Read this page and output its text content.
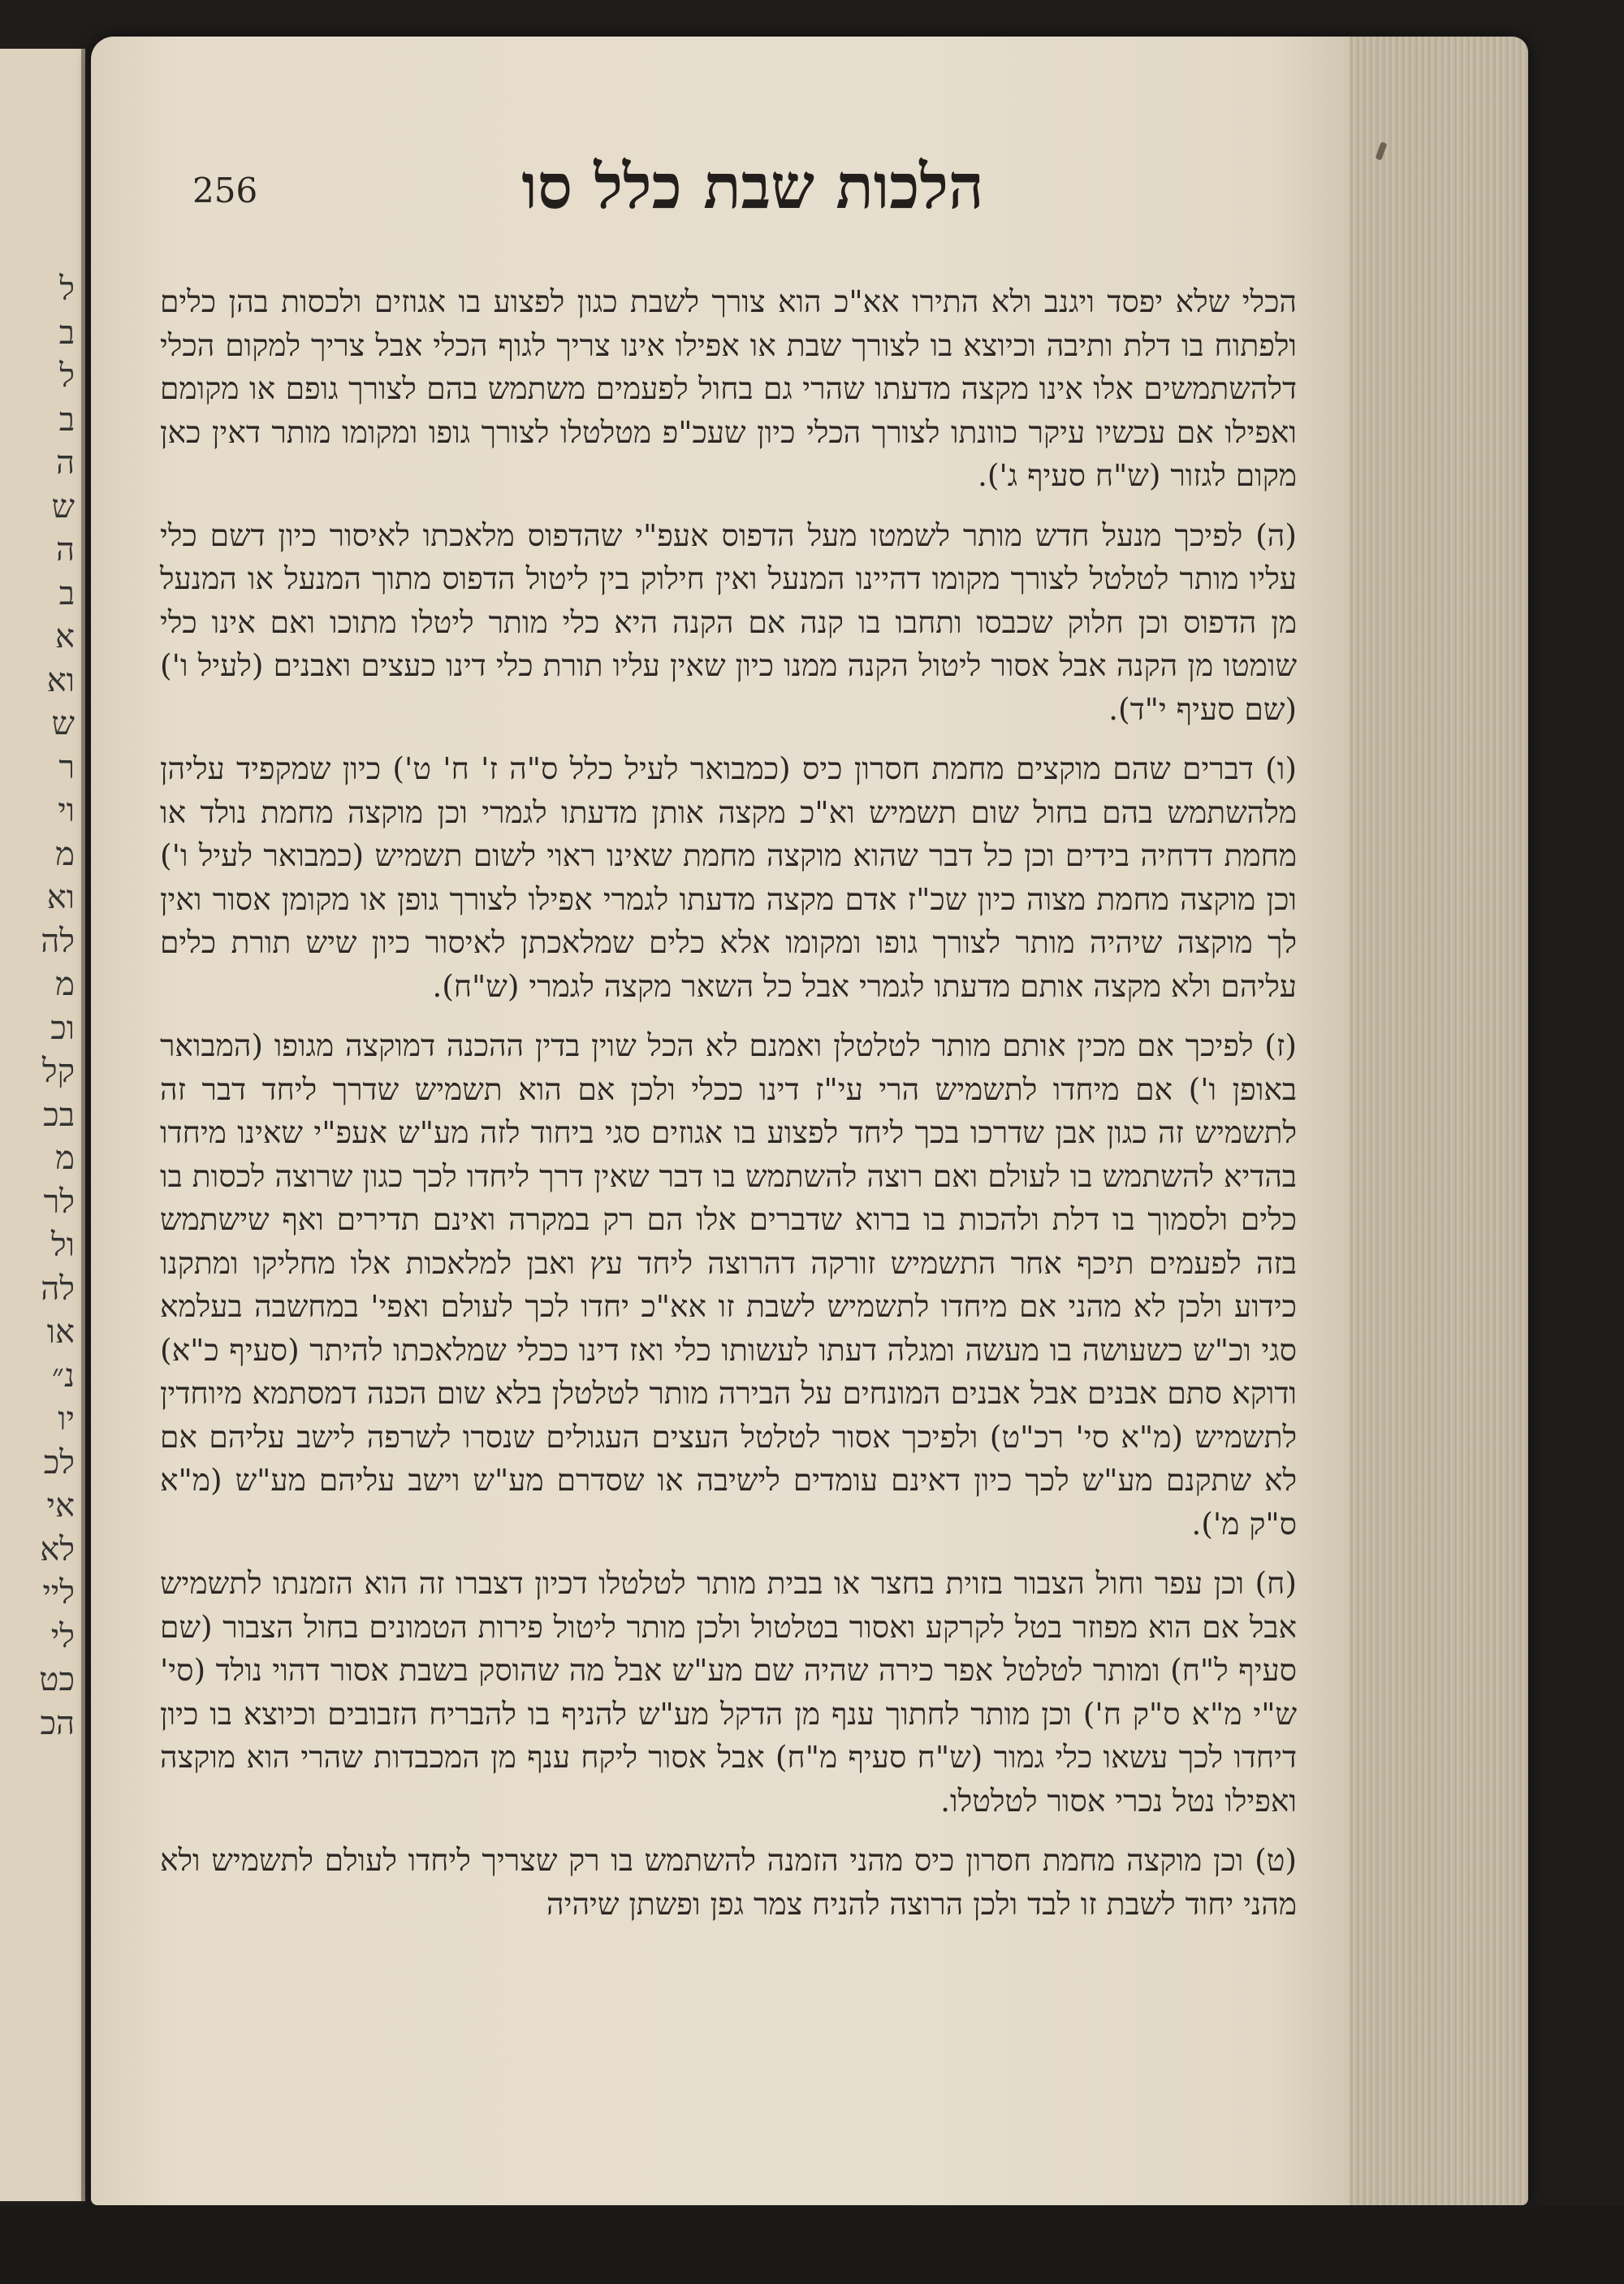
ל
ב
ל
ב
ה
ש
ה
ב
א
וא
ש
ר
וי
מ
וא
לה
מ
וכ
קל
בכ
מ
לר
ול
לה
או
נ״
יו
לכ
אי
לא
ליי
לי
כט
הכ
256	הלכות שבת כלל סו

הכלי שלא יפסד ויגנב ולא התירו אא"כ הוא צורך לשבת כגון לפצוע בו אגוזים ולכסות בהן כלים ולפתוח בו דלת ותיבה וכיוצא בו לצורך שבת או אפילו אינו צריך לגוף הכלי אבל צריך למקום הכלי דלהשתמשים אלו אינו מקצה מדעתו שהרי גם בחול לפעמים משתמש בהם לצורך גופם או מקומם ואפילו אם עכשיו עיקר כוונתו לצורך הכלי כיון שעכ"פ מטלטלו לצורך גופו ומקומו מותר דאין כאן מקום לגזור (ש"ח סעיף ג').

(ה) לפיכך מנעל חדש מותר לשמטו מעל הדפוס אעפ"י שהדפוס מלאכתו לאיסור כיון דשם כלי עליו מותר לטלטל לצורך מקומו דהיינו המנעל ואין חילוק בין ליטול הדפוס מתוך המנעל או המנעל מן הדפוס וכן חלוק שכבסו ותחבו בו קנה אם הקנה היא כלי מותר ליטלו מתוכו ואם אינו כלי שומטו מן הקנה אבל אסור ליטול הקנה ממנו כיון שאין עליו תורת כלי דינו כעצים ואבנים (לעיל ו') (שם סעיף י"ד).

(ו) דברים שהם מוקצים מחמת חסרון כיס (כמבואר לעיל כלל ס"ה ז' ח' ט') כיון שמקפיד עליהן מלהשתמש בהם בחול שום תשמיש וא"כ מקצה אותן מדעתו לגמרי וכן מוקצה מחמת נולד או מחמת דדחיה בידים וכן כל דבר שהוא מוקצה מחמת שאינו ראוי לשום תשמיש (כמבואר לעיל ו') וכן מוקצה מחמת מצוה כיון שכ"ז אדם מקצה מדעתו לגמרי אפילו לצורך גופן או מקומן אסור ואין לך מוקצה שיהיה מותר לצורך גופו ומקומו אלא כלים שמלאכתן לאיסור כיון שיש תורת כלים עליהם ולא מקצה אותם מדעתו לגמרי אבל כל השאר מקצה לגמרי (ש"ח).

(ז) לפיכך אם מכין אותם מותר לטלטלן ואמנם לא הכל שוין בדין ההכנה דמוקצה מגופו (המבואר באופן ו') אם מיחדו לתשמיש הרי עי"ז דינו ככלי ולכן אם הוא תשמיש שדרך ליחד דבר זה לתשמיש זה כגון אבן שדרכו בכך ליחד לפצוע בו אגוזים סגי ביחוד לזה מע"ש אעפ"י שאינו מיחדו בהדיא להשתמש בו לעולם ואם רוצה להשתמש בו דבר שאין דרך ליחדו לכך כגון שרוצה לכסות בו כלים ולסמוך בו דלת ולהכות בו ברוא שדברים אלו הם רק במקרה ואינם תדירים ואף שישתמש בזה לפעמים תיכף אחר התשמיש זורקה דהרוצה ליחד עץ ואבן למלאכות אלו מחליקו ומתקנו כידוע ולכן לא מהני אם מיחדו לתשמיש לשבת זו אא"כ יחדו לכך לעולם ואפי' במחשבה בעלמא סגי וכ"ש כשעושה בו מעשה ומגלה דעתו לעשותו כלי ואז דינו ככלי שמלאכתו להיתר (סעיף כ"א) ודוקא סתם אבנים אבל אבנים המונחים על הבירה מותר לטלטלן בלא שום הכנה דמסתמא מיוחדין לתשמיש (מ"א סי' רכ"ט) ולפיכך אסור לטלטל העצים העגולים שנסרו לשרפה לישב עליהם אם לא שתקנם מע"ש לכך כיון דאינם עומדים לישיבה או שסדרם מע"ש וישב עליהם מע"ש (מ"א ס"ק מ').

(ח) וכן עפר וחול הצבור בזוית בחצר או בבית מותר לטלטלו דכיון דצברו זה הוא הזמנתו לתשמיש אבל אם הוא מפוזר בטל לקרקע ואסור בטלטול ולכן מותר ליטול פירות הטמונים בחול הצבור (שם סעיף ל"ח) ומותר לטלטל אפר כירה שהיה שם מע"ש אבל מה שהוסק בשבת אסור דהוי נולד (סי' ש"י מ"א ס"ק ח') וכן מותר לחתוך ענף מן הדקל מע"ש להניף בו להבריח הזבובים וכיוצא בו כיון דיחדו לכך עשאו כלי גמור (ש"ח סעיף מ"ח) אבל אסור ליקח ענף מן המכבדות שהרי הוא מוקצה ואפילו נטל נכרי אסור לטלטלו.

(ט) וכן מוקצה מחמת חסרון כיס מהני הזמנה להשתמש בו רק שצריך ליחדו לעולם לתשמיש ולא מהני יחוד לשבת זו לבד ולכן הרוצה להניח צמר גפן ופשתן שיהיה
